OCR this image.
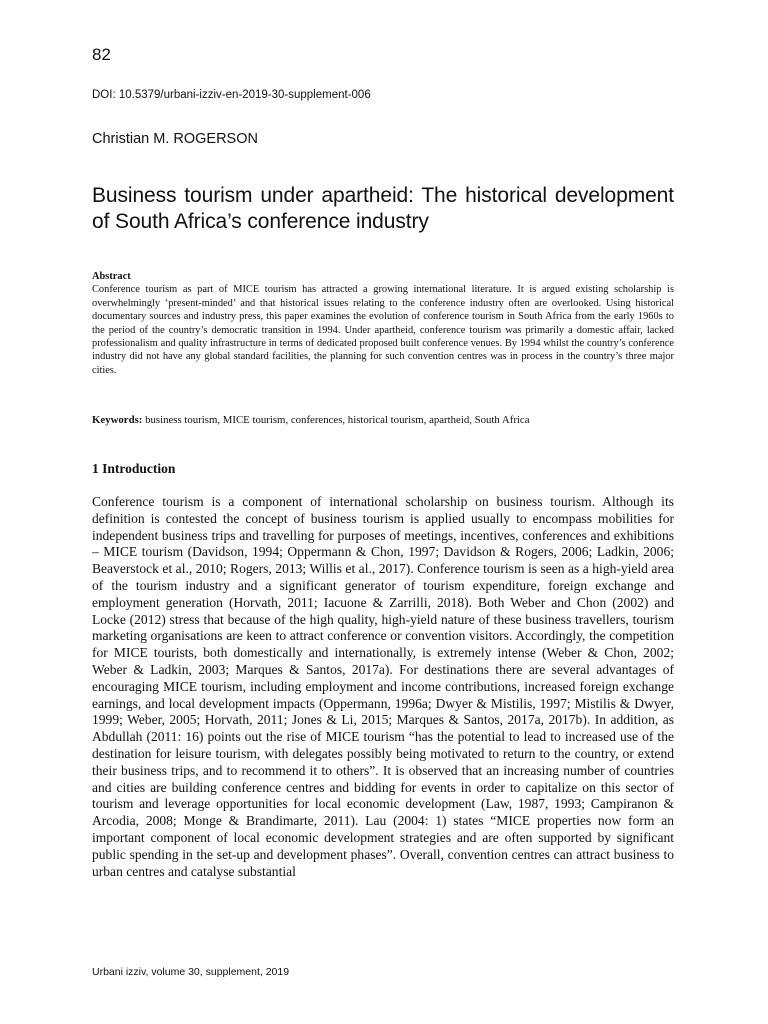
82
DOI: 10.5379/urbani-izziv-en-2019-30-supplement-006
Christian M. ROGERSON
Business tourism under apartheid: The historical development of South Africa’s conference industry
Abstract
Conference tourism as part of MICE tourism has attracted a growing international literature. It is argued existing scholarship is overwhelmingly ‘present-minded’ and that historical issues relating to the conference industry often are overlooked. Using historical documentary sources and industry press, this paper examines the evolution of conference tourism in South Africa from the early 1960s to the period of the country’s democratic transition in 1994. Under apartheid, conference tourism was primarily a domestic affair, lacked professionalism and quality infrastructure in terms of dedicated proposed built conference venues. By 1994 whilst the country’s conference industry did not have any global standard facilities, the planning for such convention centres was in process in the country’s three major cities.
Keywords: business tourism, MICE tourism, conferences, historical tourism, apartheid, South Africa
1 Introduction

Conference tourism is a component of international scholarship on business tourism. Although its definition is contested the concept of business tourism is applied usually to encompass mobilities for independent business trips and travelling for purposes of meetings, incentives, conferences and exhibitions – MICE tourism (Davidson, 1994; Oppermann & Chon, 1997; Davidson & Rogers, 2006; Ladkin, 2006; Beaverstock et al., 2010; Rogers, 2013; Willis et al., 2017). Conference tourism is seen as a high-yield area of the tourism industry and a significant generator of tourism expenditure, foreign exchange and employment generation (Horvath, 2011; Iacuone & Zarrilli, 2018). Both Weber and Chon (2002) and Locke (2012) stress that because of the high quality, high-yield nature of these business travellers, tourism marketing organisations are keen to attract conference or convention visitors. Accordingly, the competition for MICE tourists, both domestically and internationally, is extremely intense (Weber & Chon, 2002; Weber & Ladkin, 2003; Marques & Santos, 2017a). For destinations there are several advantages of encouraging MICE tourism, including employment and income contributions, increased foreign exchange earnings, and local development impacts (Oppermann, 1996a; Dwyer & Mistilis, 1997; Mistilis & Dwyer, 1999; Weber, 2005; Horvath, 2011; Jones & Li, 2015; Marques & Santos, 2017a, 2017b). In addition, as Abdullah (2011: 16) points out the rise of MICE tourism “has the potential to lead to increased use of the destination for leisure tourism, with delegates possibly being motivated to return to the country, or extend their business trips, and to recommend it to others”. It is observed that an increasing number of countries and cities are building conference centres and bidding for events in order to capitalize on this sector of tourism and leverage opportunities for local economic development (Law, 1987, 1993; Campiranon & Arcodia, 2008; Monge & Brandimarte, 2011). Lau (2004: 1) states “MICE properties now form an important component of local economic development strategies and are often supported by significant public spending in the set-up and development phases”. Overall, convention centres can attract business to urban centres and catalyse substantial

Urbani izziv, volume 30, supplement, 2019
